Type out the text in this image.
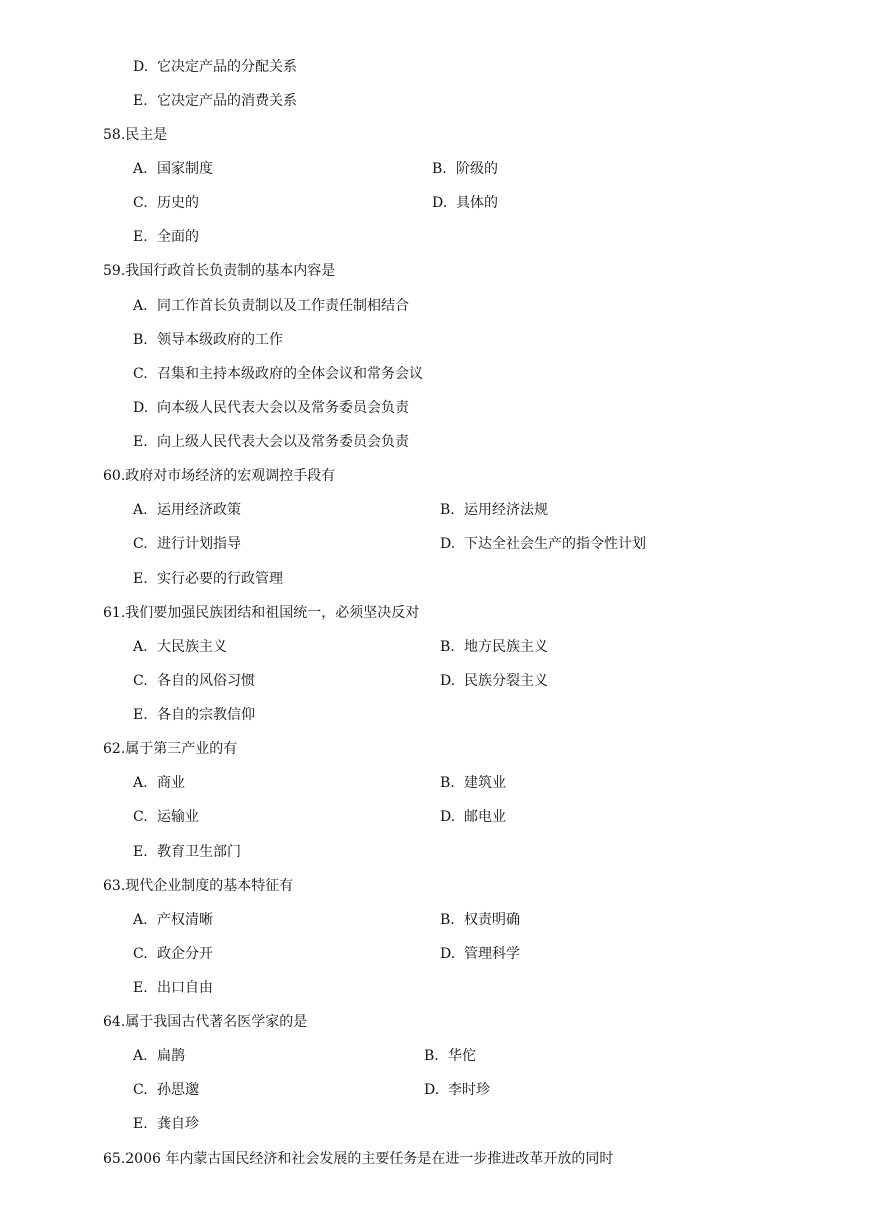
D. 它决定产品的分配关系
E. 它决定产品的消费关系
58.民主是
A. 国家制度	B. 阶级的
C. 历史的	D. 具体的
E. 全面的
59.我国行政首长负责制的基本内容是
A. 同工作首长负责制以及工作责任制相结合
B. 领导本级政府的工作
C. 召集和主持本级政府的全体会议和常务会议
D. 向本级人民代表大会以及常务委员会负责
E. 向上级人民代表大会以及常务委员会负责
60.政府对市场经济的宏观调控手段有
A. 运用经济政策	B. 运用经济法规
C. 进行计划指导	D. 下达全社会生产的指令性计划
E. 实行必要的行政管理
61.我们要加强民族团结和祖国统一，必须坚决反对
A. 大民族主义	B. 地方民族主义
C. 各自的风俗习惯	D. 民族分裂主义
E. 各自的宗教信仰
62.属于第三产业的有
A. 商业	B. 建筑业
C. 运输业	D. 邮电业
E. 教育卫生部门
63.现代企业制度的基本特征有
A. 产权清晰	B. 权责明确
C. 政企分开	D. 管理科学
E. 出口自由
64.属于我国古代著名医学家的是
A. 扁鹊	B. 华佗
C. 孙思邈	D. 李时珍
E. 龚自珍
65.2006 年内蒙古国民经济和社会发展的主要任务是在进一步推进改革开放的同时
